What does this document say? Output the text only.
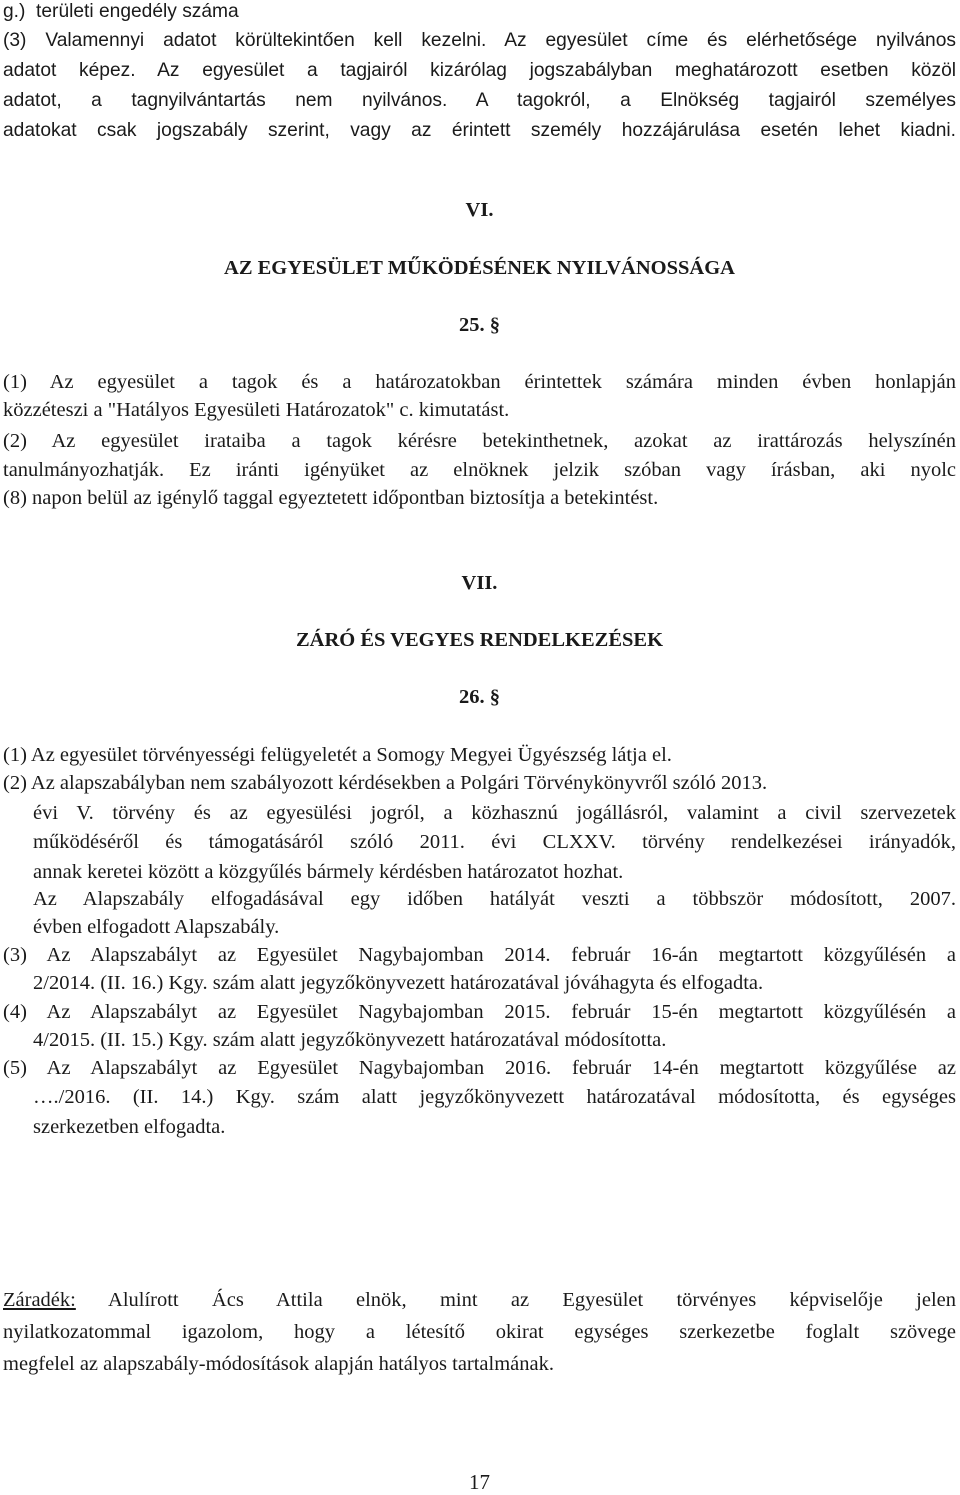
g.)  területi engedély száma
(3) Valamennyi adatot körültekintően kell kezelni. Az egyesület címe és elérhetősége nyilvános
adatot képez. Az egyesület a tagjairól kizárólag jogszabályban meghatározott esetben közöl
adatot, a tagnyilvántartás nem nyilvános. A tagokról, a Elnökség tagjairól személyes
adatokat csak jogszabály szerint, vagy az érintett személy hozzájárulása esetén lehet kiadni.
VI.
AZ EGYESÜLET MŰKÖDÉSÉNEK NYILVÁNOSSÁGA
25. §
(1) Az egyesület a tagok és a határozatokban érintettek számára minden évben honlapján
közzéteszi a "Hatályos Egyesületi Határozatok" c. kimutatást.
(2) Az egyesület irataiba a tagok kérésre betekinthetnek, azokat az irattározás helyszínén
tanulmányozhatják. Ez iránti igényüket az elnöknek jelzik szóban vagy írásban, aki nyolc
(8) napon belül az igénylő taggal egyeztetett időpontban biztosítja a betekintést.
VII.
ZÁRÓ ÉS VEGYES RENDELKEZÉSEK
26. §
(1) Az egyesület törvényességi felügyeletét a Somogy Megyei Ügyészség látja el.
(2) Az alapszabályban nem szabályozott kérdésekben a Polgári Törvénykönyvről szóló 2013.
évi V. törvény és az egyesülési jogról, a közhasznú jogállásról, valamint a civil szervezetek
működéséről és támogatásáról szóló 2011. évi CLXXV. törvény rendelkezései irányadók,
annak keretei között a közgyűlés bármely kérdésben határozatot hozhat.
Az Alapszabály elfogadásával egy időben hatályát veszti a többször módosított, 2007.
évben elfogadott Alapszabály.
(3) Az Alapszabályt az Egyesület Nagybajomban 2014. február 16-án megtartott közgyűlésén a
2/2014. (II. 16.) Kgy. szám alatt jegyzőkönyvezett határozatával jóváhagyta és elfogadta.
(4) Az Alapszabályt az Egyesület Nagybajomban 2015. február 15-én megtartott közgyűlésén a
4/2015. (II. 15.) Kgy. szám alatt jegyzőkönyvezett határozatával módosította.
(5) Az Alapszabályt az Egyesület Nagybajomban 2016. február 14-én megtartott közgyűlése az
…./2016. (II. 14.) Kgy. szám alatt jegyzőkönyvezett határozatával módosította, és egységes
szerkezetben elfogadta.
Záradék: Alulírott Ács Attila elnök, mint az Egyesület törvényes képviselője jelen
nyilatkozatommal igazolom, hogy a létesítő okirat egységes szerkezetbe foglalt szövege
megfelel az alapszabály-módosítások alapján hatályos tartalmának.
17
